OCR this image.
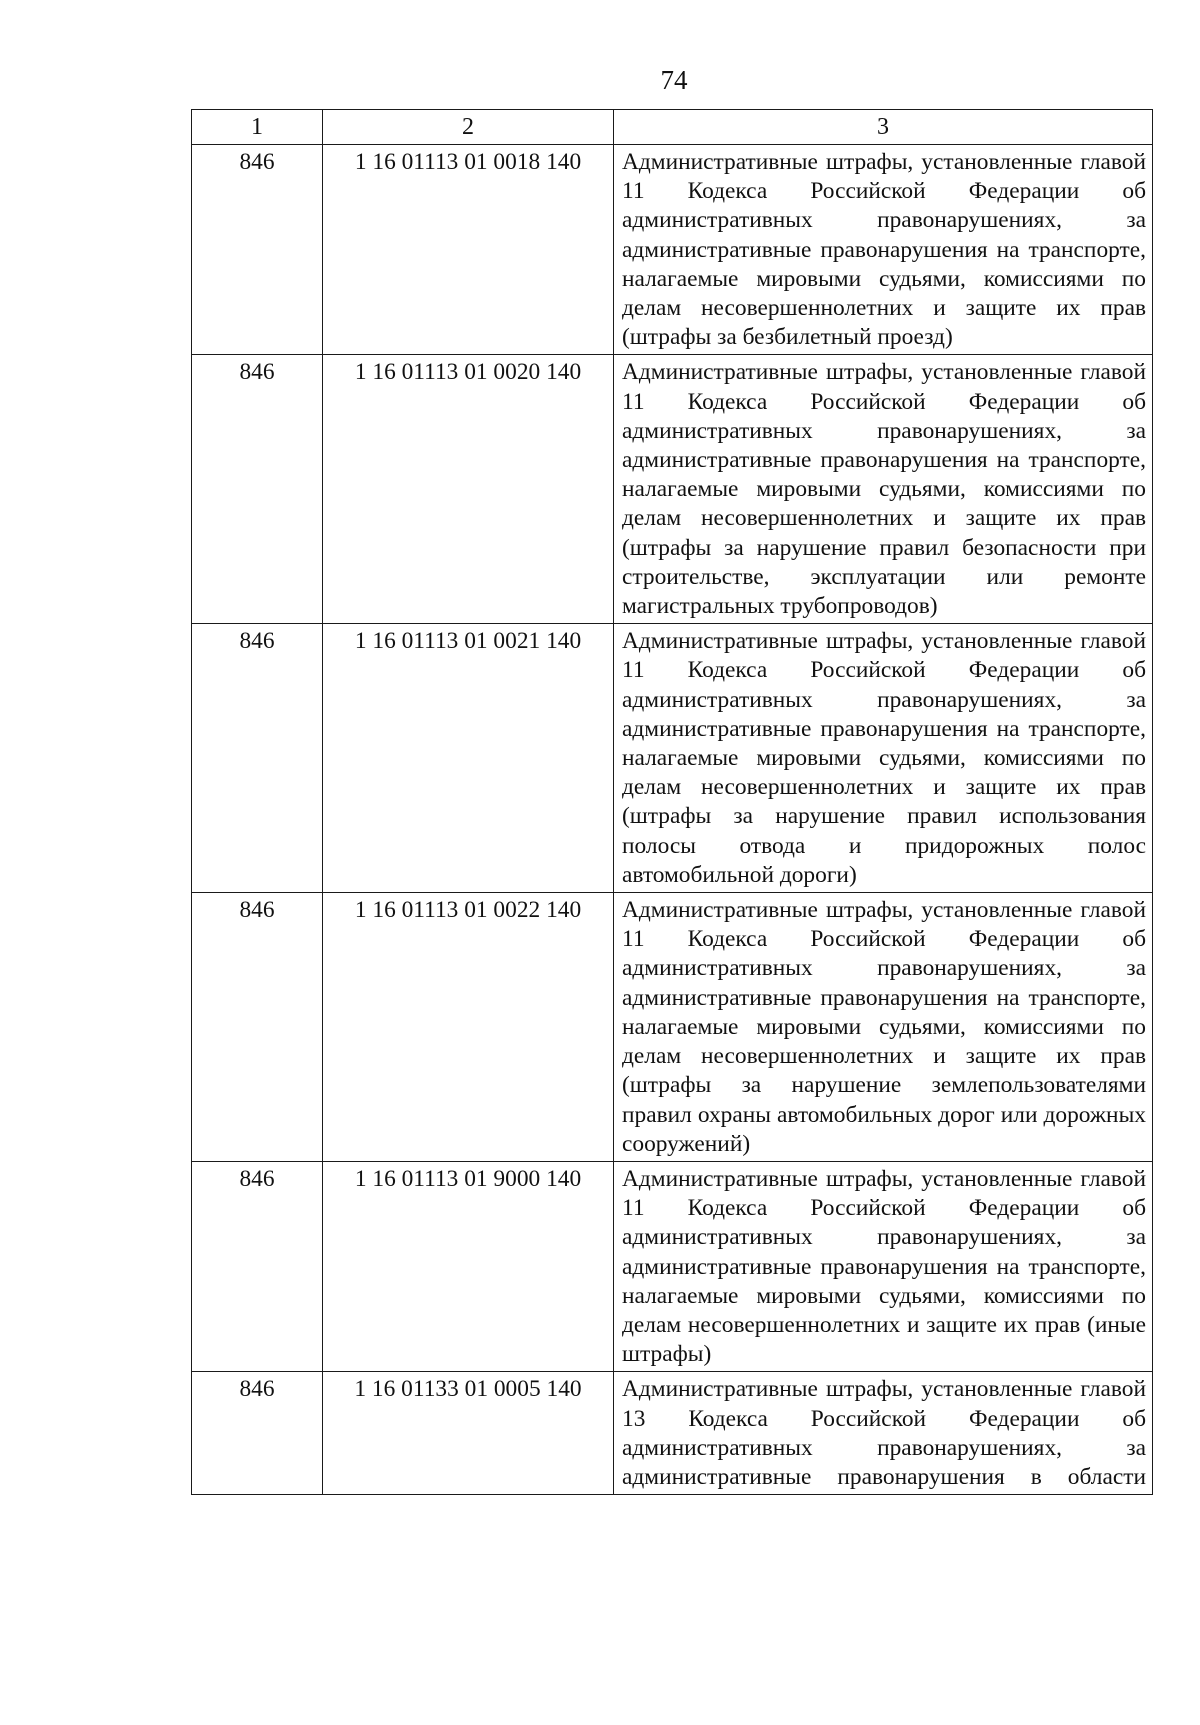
74
1	2	3
846	1 16 01113 01 0018 140	Административные штрафы, установленные главой 11 Кодекса Российской Федерации об административных правонарушениях, за административные правонарушения на транспорте, налагаемые мировыми судьями, комиссиями по делам несовершеннолетних и защите их прав (штрафы за безбилетный проезд)
846	1 16 01113 01 0020 140	Административные штрафы, установленные главой 11 Кодекса Российской Федерации об административных правонарушениях, за административные правонарушения на транспорте, налагаемые мировыми судьями, комиссиями по делам несовершеннолетних и защите их прав (штрафы за нарушение правил безопасности при строительстве, эксплуатации или ремонте магистральных трубопроводов)
846	1 16 01113 01 0021 140	Административные штрафы, установленные главой 11 Кодекса Российской Федерации об административных правонарушениях, за административные правонарушения на транспорте, налагаемые мировыми судьями, комиссиями по делам несовершеннолетних и защите их прав (штрафы за нарушение правил использования полосы отвода и придорожных полос автомобильной дороги)
846	1 16 01113 01 0022 140	Административные штрафы, установленные главой 11 Кодекса Российской Федерации об административных правонарушениях, за административные правонарушения на транспорте, налагаемые мировыми судьями, комиссиями по делам несовершеннолетних и защите их прав (штрафы за нарушение землепользователями правил охраны автомобильных дорог или дорожных сооружений)
846	1 16 01113 01 9000 140	Административные штрафы, установленные главой 11 Кодекса Российской Федерации об административных правонарушениях, за административные правонарушения на транспорте, налагаемые мировыми судьями, комиссиями по делам несовершеннолетних и защите их прав (иные штрафы)
846	1 16 01133 01 0005 140	Административные штрафы, установленные главой 13 Кодекса Российской Федерации об административных правонарушениях, за административные правонарушения в области
